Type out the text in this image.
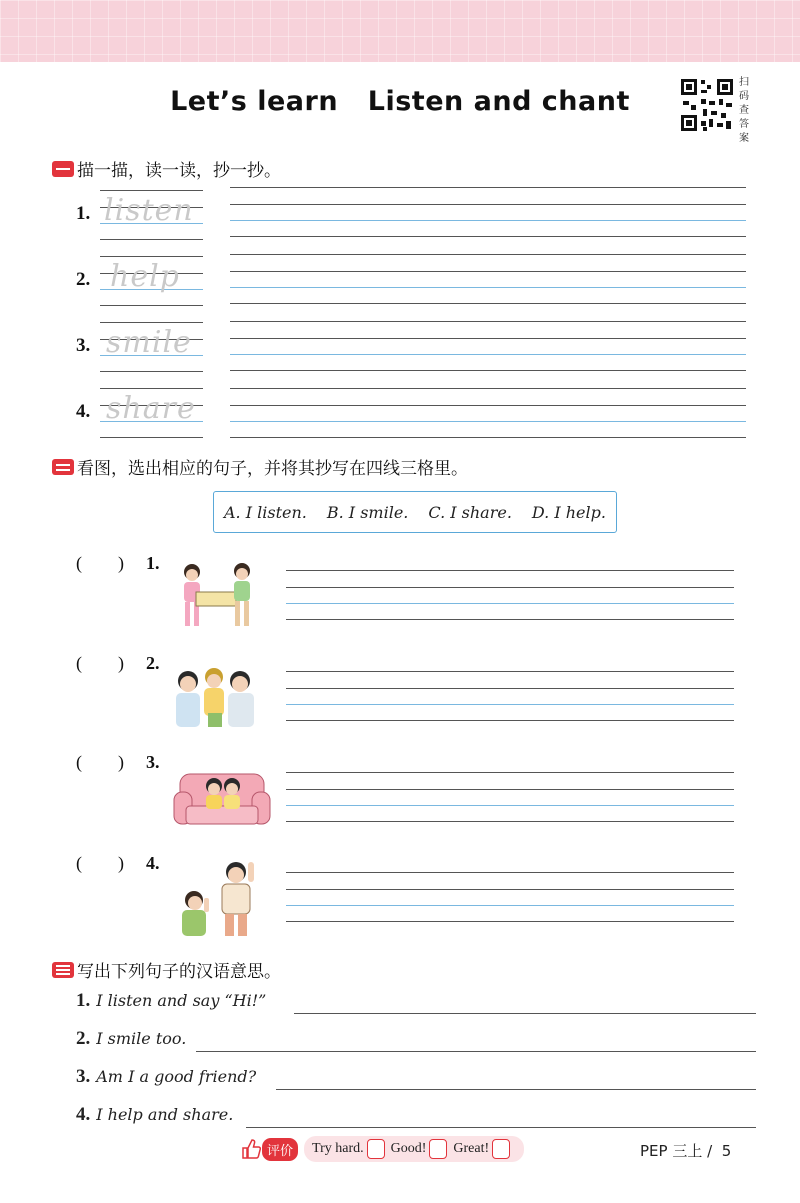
Let’s learn   Listen and chant
扫
码
查
答
案
描一描，读一读，抄一抄。
1. listen
2. help
3. smile
4. share
看图，选出相应的句子，并将其抄写在四线三格里。
A. I listen. B. I smile. C. I share. D. I help.
(        ) 1.
(        ) 2.
(        ) 3.
(        ) 4.
写出下列句子的汉语意思。
1. I listen and say “Hi!”
2. I smile too.
3. Am I a good friend?
4. I help and share.
评价	Try hard. Good! Great!	PEP 三上 /  5
